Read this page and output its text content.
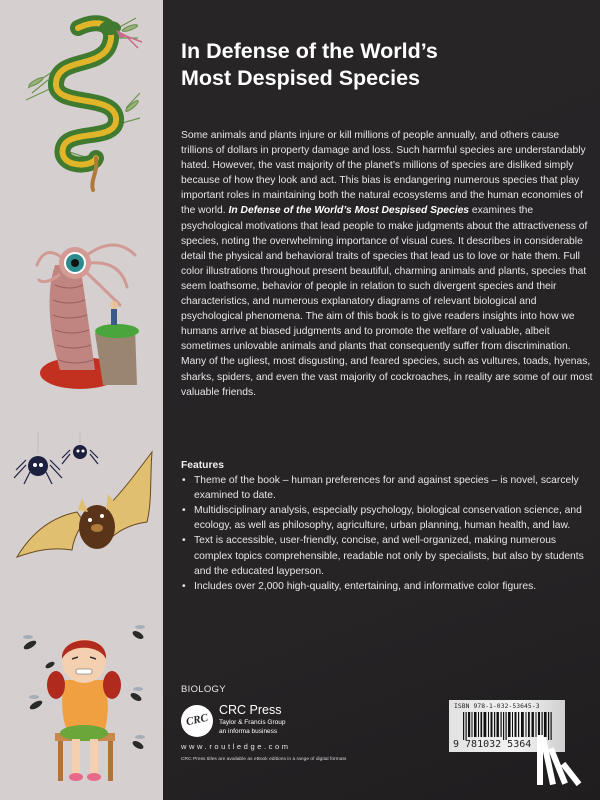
In Defense of the World’s
Most Despised Species

Some animals and plants injure or kill millions of people annually, and others cause trillions of dollars in property damage and loss. Such harmful species are understandably hated. However, the vast majority of the planet’s millions of species are disliked simply because of how they look and act. This bias is endangering numerous species that play important roles in maintaining both the natural ecosystems and the human economies of the world. In Defense of the World’s Most Despised Species examines the psychological motivations that lead people to make judgments about the attractiveness of species, noting the overwhelming importance of visual cues. It describes in considerable detail the physical and behavioral traits of species that lead us to love or hate them. Full color illustrations throughout present beautiful, charming animals and plants, species that seem loathsome, behavior of people in relation to such divergent species and their characteristics, and numerous explanatory diagrams of relevant biological and psychological phenomena. The aim of this book is to give readers insights into how we humans arrive at biased judgments and to promote the welfare of valuable, albeit sometimes unlovable animals and plants that consequently suffer from discrimination. Many of the ugliest, most disgusting, and feared species, such as vultures, toads, hyenas, sharks, spiders, and even the vast majority of cockroaches, in reality are some of our most valuable friends.

Features
• Theme of the book – human preferences for and against species – is novel, scarcely examined to date.
• Multidisciplinary analysis, especially psychology, biological conservation science, and ecology, as well as philosophy, agriculture, urban planning, human health, and law.
• Text is accessible, user-friendly, concise, and well-organized, making numerous complex topics comprehensible, readable not only by specialists, but also by students and the educated layperson.
• Includes over 2,000 high-quality, entertaining, and informative color figures.
BIOLOGY
CRC
CRC Press
Taylor & Francis Group
an informa business
www.routledge.com
CRC Press titles are available as eBook editions in a range of digital formats
ISBN 978-1-032-53645-3
9 781032 5364
